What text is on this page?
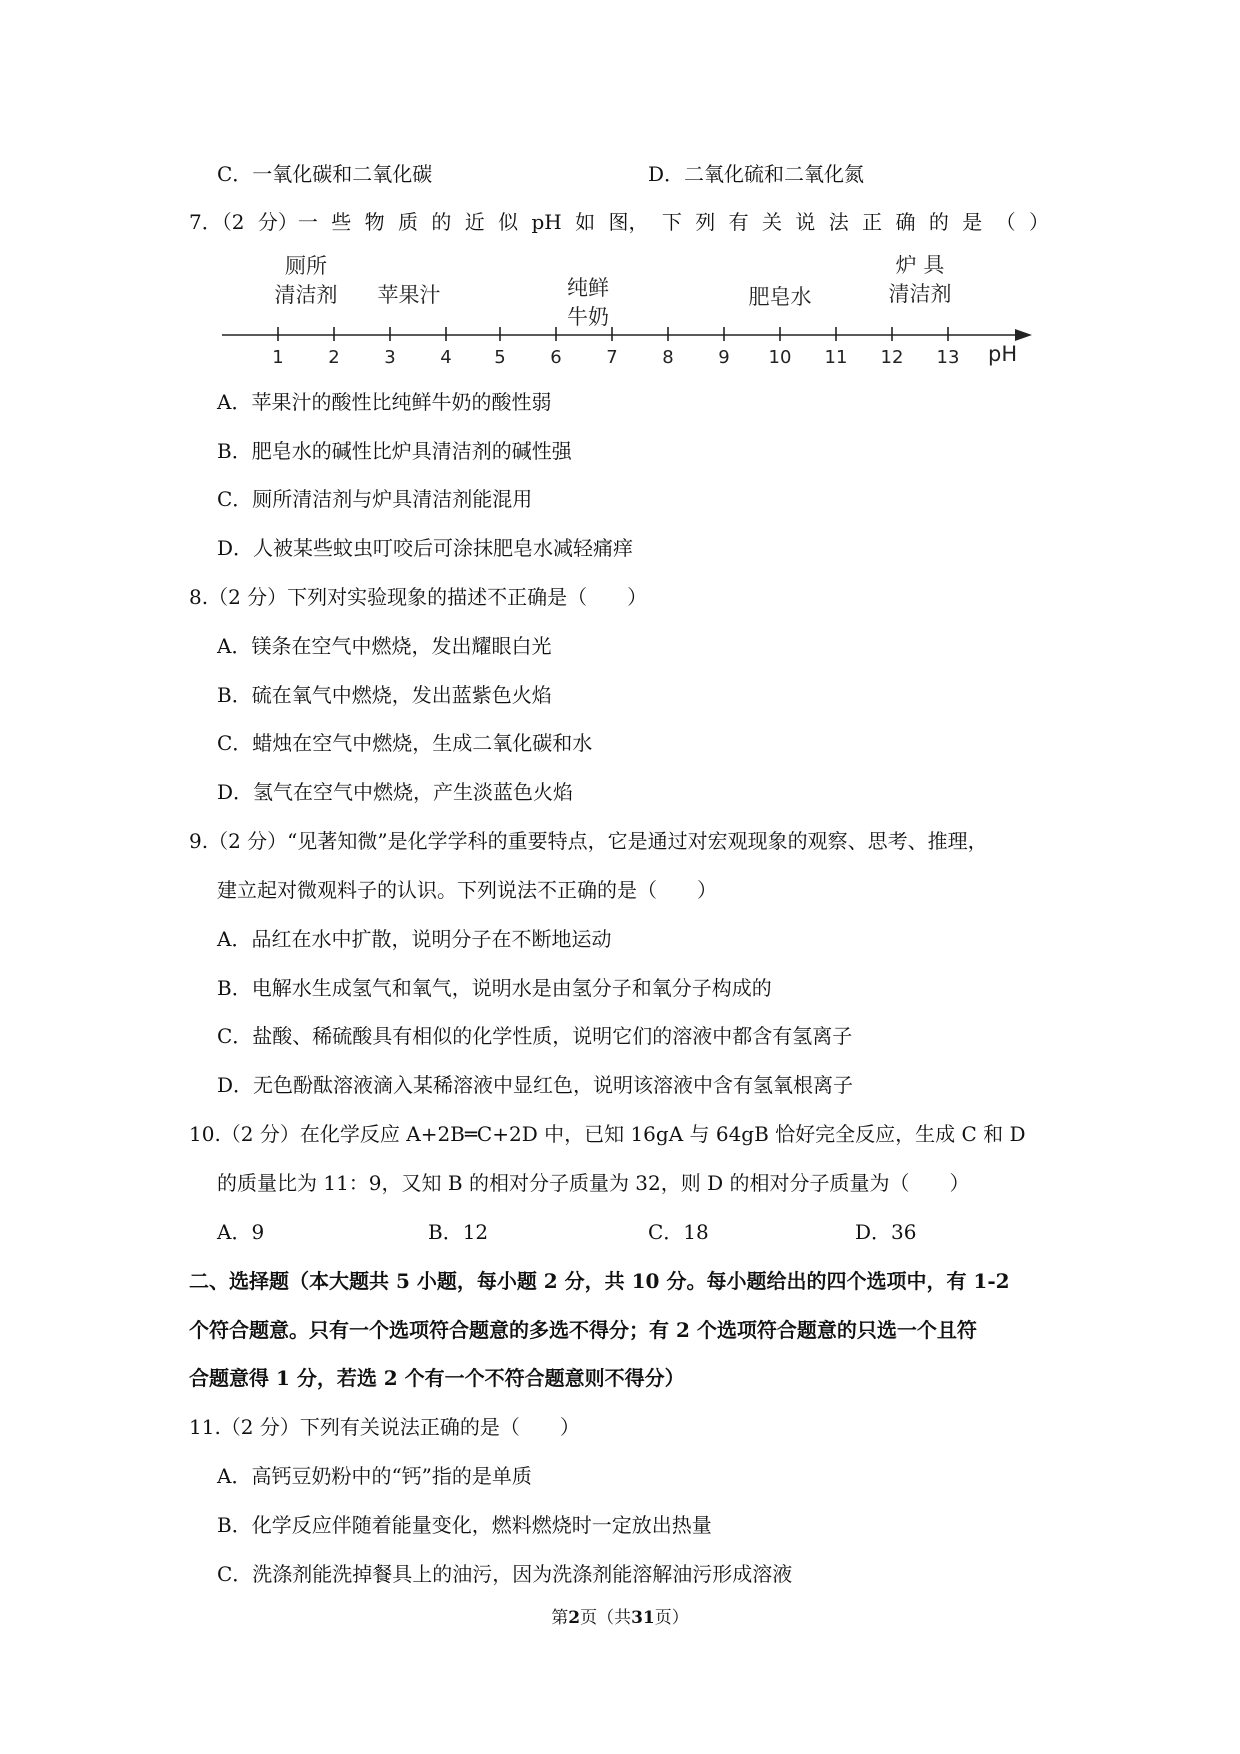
C．一氧化碳和二氧化碳	D．二氧化硫和二氧化氮
7．（2 分）一 些 物 质 的 近 似 pH 如 图， 下 列 有 关 说 法 正 确 的 是 （ ）
1 2 3 4 5 6 7 8 9 10 11 12 13 pH
厕所
清洁剂 苹果汁	纯鲜
牛奶
肥皂水
炉 具
清洁剂
A．苹果汁的酸性比纯鲜牛奶的酸性弱
B．肥皂水的碱性比炉具清洁剂的碱性强
C．厕所清洁剂与炉具清洁剂能混用
D．人被某些蚊虫叮咬后可涂抹肥皂水减轻痛痒
8.（2 分）下列对实验现象的描述不正确是（　　）
A．镁条在空气中燃烧，发出耀眼白光
B．硫在氧气中燃烧，发出蓝紫色火焰
C．蜡烛在空气中燃烧，生成二氧化碳和水
D．氢气在空气中燃烧，产生淡蓝色火焰
9.（2 分）“见著知微”是化学学科的重要特点，它是通过对宏观现象的观察、思考、推理，
建立起对微观料子的认识。下列说法不正确的是（　　）
A．品红在水中扩散，说明分子在不断地运动
B．电解水生成氢气和氧气，说明水是由氢分子和氧分子构成的
C．盐酸、稀硫酸具有相似的化学性质，说明它们的溶液中都含有氢离子
D．无色酚酞溶液滴入某稀溶液中显红色，说明该溶液中含有氢氧根离子
10.（2 分）在化学反应 A+2B═C+2D 中，已知 16gA 与 64gB 恰好完全反应，生成 C 和 D
的质量比为 11：9，又知 B 的相对分子质量为 32，则 D 的相对分子质量为（　　）
A．9	B．12	C．18	D．36
二、选择题（本大题共 5 小题，每小题 2 分，共 10 分。每小题给出的四个选项中，有 1-2
个符合题意。只有一个选项符合题意的多选不得分；有 2 个选项符合题意的只选一个且符
合题意得 1 分，若选 2 个有一个不符合题意则不得分）
11.（2 分）下列有关说法正确的是（　　）
A．高钙豆奶粉中的“钙”指的是单质
B．化学反应伴随着能量变化，燃料燃烧时一定放出热量
C．洗涤剂能洗掉餐具上的油污，因为洗涤剂能溶解油污形成溶液
第2页（共31页）
